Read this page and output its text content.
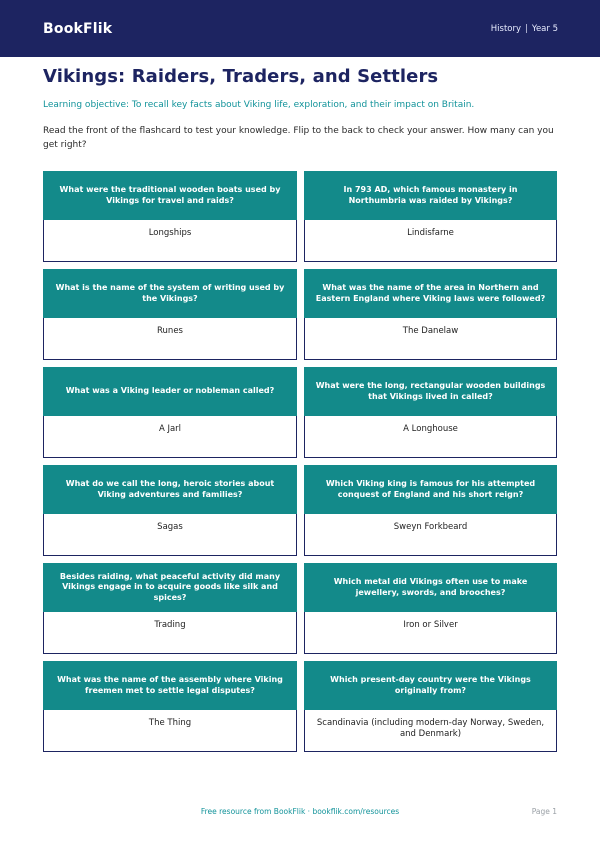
BookFlik	History | Year 5
Vikings: Raiders, Traders, and Settlers

Learning objective: To recall key facts about Viking life, exploration, and their impact on Britain.

Read the front of the flashcard to test your knowledge. Flip to the back to check your answer. How many can you get right?

What were the traditional wooden boats used by Vikings for travel and raids?
Longships
In 793 AD, which famous monastery in Northumbria was raided by Vikings?
Lindisfarne
What is the name of the system of writing used by the Vikings?
Runes
What was the name of the area in Northern and Eastern England where Viking laws were followed?
The Danelaw
What was a Viking leader or nobleman called?
A Jarl
What were the long, rectangular wooden buildings that Vikings lived in called?
A Longhouse
What do we call the long, heroic stories about Viking adventures and families?
Sagas
Which Viking king is famous for his attempted conquest of England and his short reign?
Sweyn Forkbeard
Besides raiding, what peaceful activity did many Vikings engage in to acquire goods like silk and spices?
Trading
Which metal did Vikings often use to make jewellery, swords, and brooches?
Iron or Silver
What was the name of the assembly where Viking freemen met to settle legal disputes?
The Thing
Which present-day country were the Vikings originally from?
Scandinavia (including modern-day Norway, Sweden, and Denmark)
Free resource from BookFlik · bookflik.com/resources	Page 1
